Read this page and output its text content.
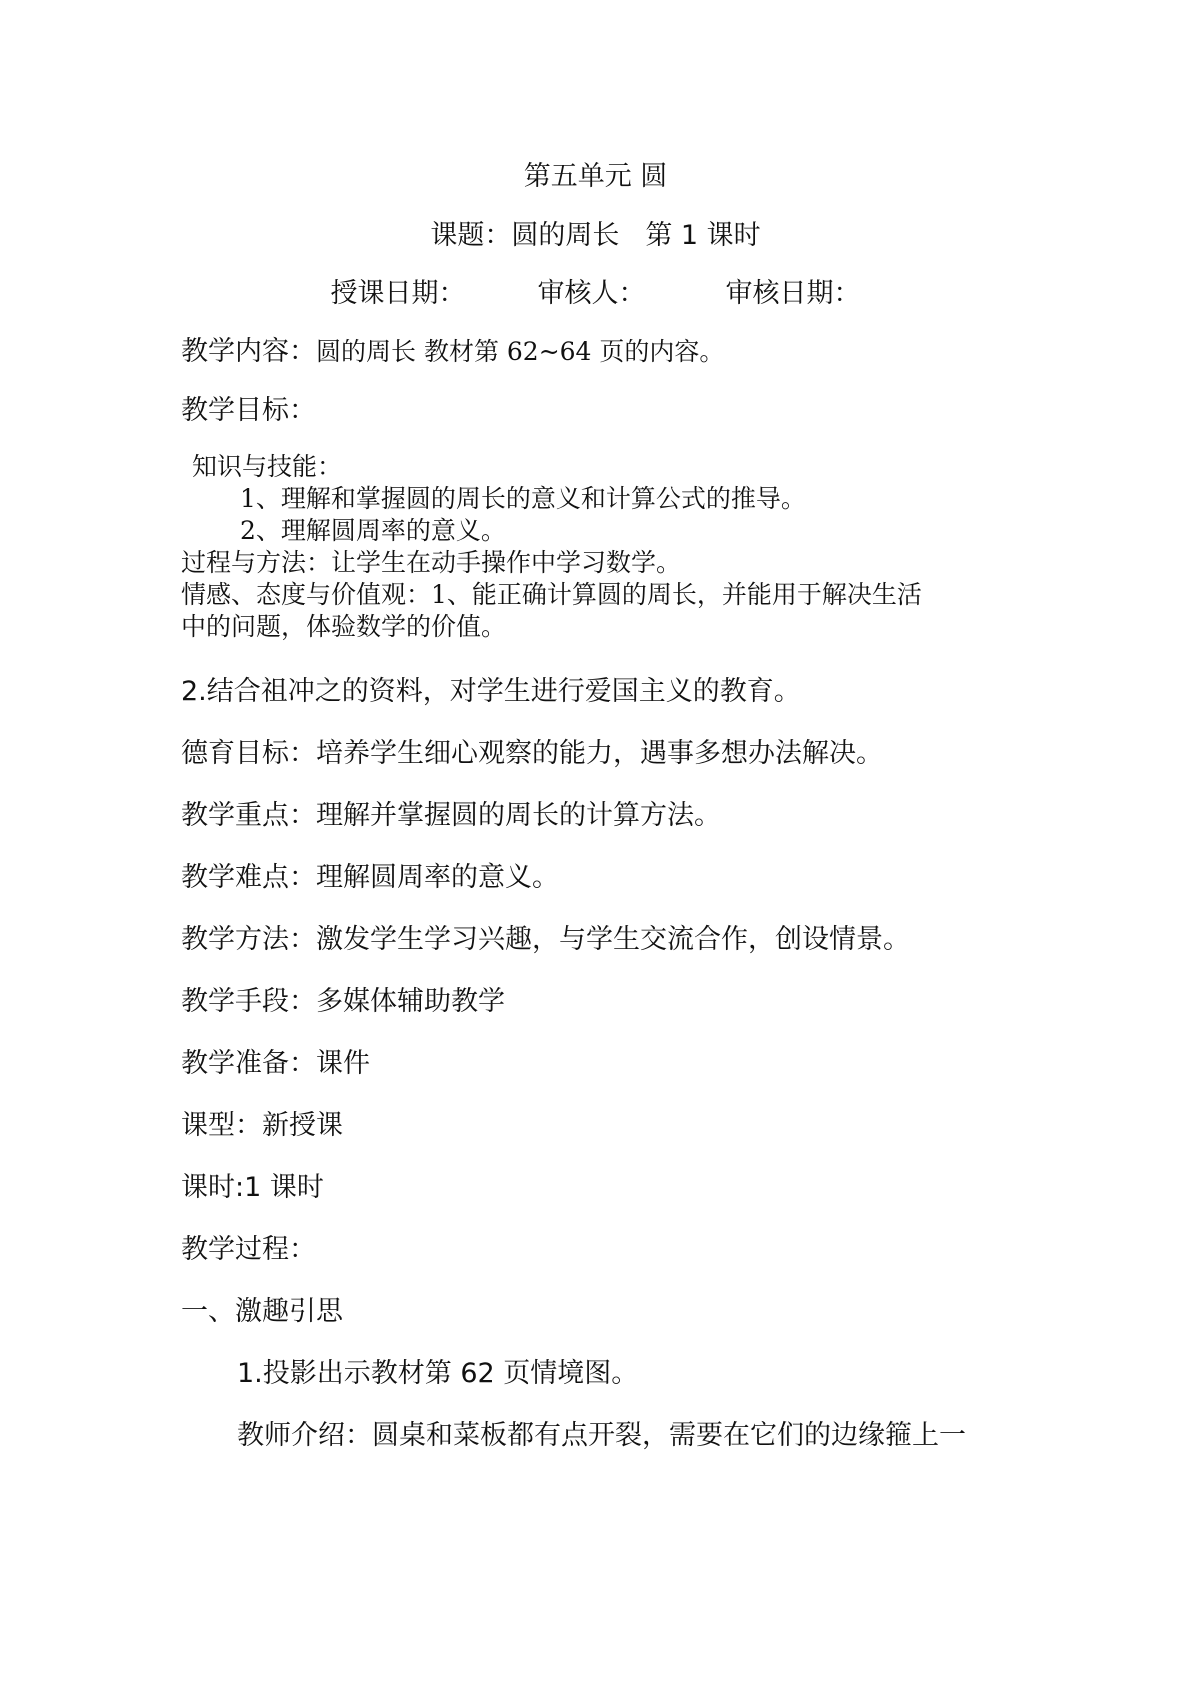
第五单元 圆
课题：圆的周长 第 1 课时
授课日期：	审核人：	审核日期：
教学内容：圆的周长 教材第 62~64 页的内容。
教学目标：
知识与技能：
1、理解和掌握圆的周长的意义和计算公式的推导。
2、理解圆周率的意义。
过程与方法：让学生在动手操作中学习数学。
情感、态度与价值观：1、能正确计算圆的周长，并能用于解决生活
中的问题，体验数学的价值。
2.结合祖冲之的资料，对学生进行爱国主义的教育。
德育目标：培养学生细心观察的能力，遇事多想办法解决。
教学重点：理解并掌握圆的周长的计算方法。
教学难点：理解圆周率的意义。
教学方法：激发学生学习兴趣，与学生交流合作，创设情景。
教学手段：多媒体辅助教学
教学准备：课件
课型：新授课
课时:1 课时
教学过程：
一、激趣引思
1.投影出示教材第 62 页情境图。
教师介绍：圆桌和菜板都有点开裂，需要在它们的边缘箍上一
